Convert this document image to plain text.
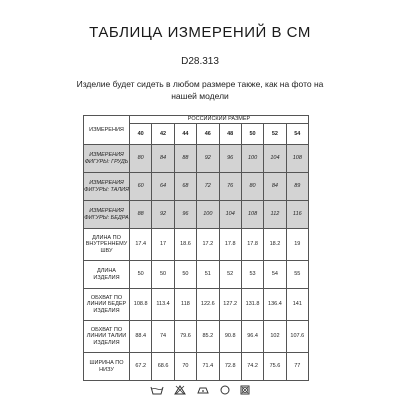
ТАБЛИЦА ИЗМЕРЕНИЙ В СМ
D28.313
Изделие будет сидеть в любом размере также, как на фото на нашей модели
ИЗМЕРЕНИЯ	РОССИЙСКИЙ РАЗМЕР							
	40	42	44	46	48	50	52	54
ИЗМЕРЕНИЯ ФИГУРЫ: ГРУДЬ	80	84	88	92	96	100	104	108
ИЗМЕРЕНИЯ ФИГУРЫ: ТАЛИЯ	60	64	68	72	76	80	84	89
ИЗМЕРЕНИЯ ФИГУРЫ: БЕДРА	88	92	96	100	104	108	112	116
ДЛИНА ПО ВНУТРЕННЕМУ ШВУ	17.4	17	18.6	17.2	17.8	17.8	18.2	19
ДЛИНА ИЗДЕЛИЯ	50	50	50	51	52	53	54	55
ОБХВАТ ПО ЛИНИИ БЕДЕР ИЗДЕЛИЯ	108.8	113.4	118	122.6	127.2	131.8	136.4	141
ОБХВАТ ПО ЛИНИИ ТАЛИИ ИЗДЕЛИЯ	88.4	74	79.6	85.2	90.8	96.4	102	107.6
ШИРИНА ПО НИЗУ	67.2	68.6	70	71.4	72.8	74.2	75.6	77
